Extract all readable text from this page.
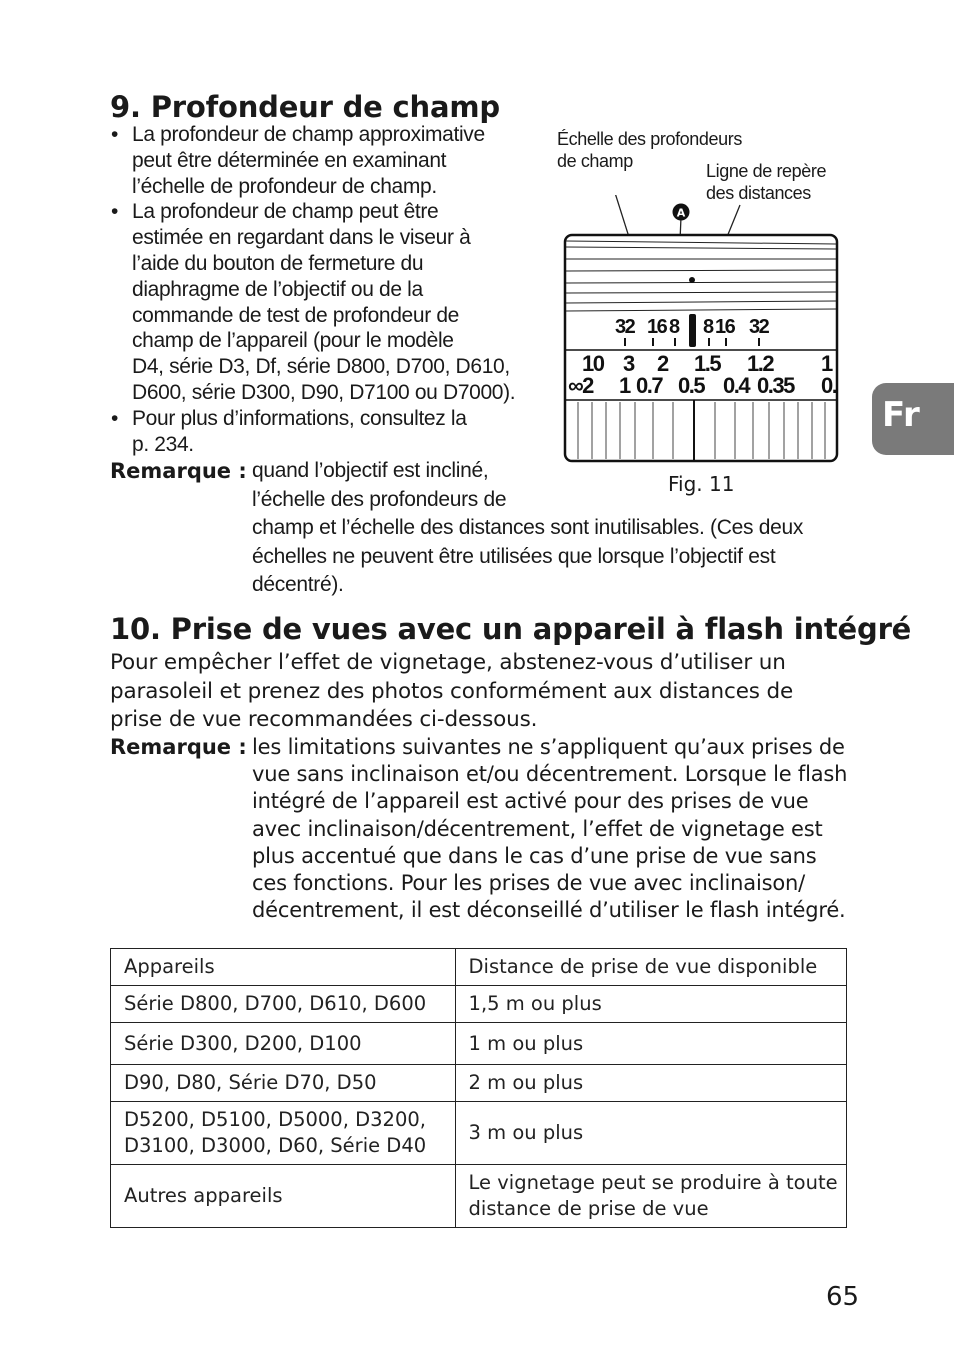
9. Profondeur de champ
• La profondeur de champ approximative
peut être déterminée en examinant
l’échelle de profondeur de champ.
• La profondeur de champ peut être
estimée en regardant dans le viseur à
l’aide du bouton de fermeture du
diaphragme de l’objectif ou de la
commande de test de profondeur de
champ de l’appareil (pour le modèle
D4, série D3, Df, série D800, D700, D610,
D600, série D300, D90, D7100 ou D7000).
• Pour plus d’informations, consultez la
p. 234.
Remarque : quand l’objectif est incliné,
l’échelle des profondeurs de
champ et l’échelle des distances sont inutilisables. (Ces deux
échelles ne peuvent être utilisées que lorsque l’objectif est
décentré).
Échelle des profondeurs
de champ	Ligne de repère
des distances
A
32 16 8 8 16 32
10 3 2 1.5 1.2 1
∞2 1 0.7 0.5 0.4 0.35 0.
Fig. 11
10. Prise de vues avec un appareil à flash intégré
Pour empêcher l’effet de vignetage, abstenez-vous d’utiliser un
parasoleil et prenez des photos conformément aux distances de
prise de vue recommandées ci-dessous.
Remarque : les limitations suivantes ne s’appliquent qu’aux prises de
vue sans inclinaison et/ou décentrement. Lorsque le flash
intégré de l’appareil est activé pour des prises de vue
avec inclinaison/décentrement, l’effet de vignetage est
plus accentué que dans le cas d’une prise de vue sans
ces fonctions. Pour les prises de vue avec inclinaison/
décentrement, il est déconseillé d’utiliser le flash intégré.
Appareils	Distance de prise de vue disponible

Série D800, D700, D610, D600	1,5 m ou plus

Série D300, D200, D100	1 m ou plus

D90, D80, Série D70, D50	2 m ou plus

D5200, D5100, D5000, D3200,
D3100, D3000, D60, Série D40	3 m ou plus

Autres appareils	Le vignetage peut se produire à toute
distance de prise de vue
Fr
65
